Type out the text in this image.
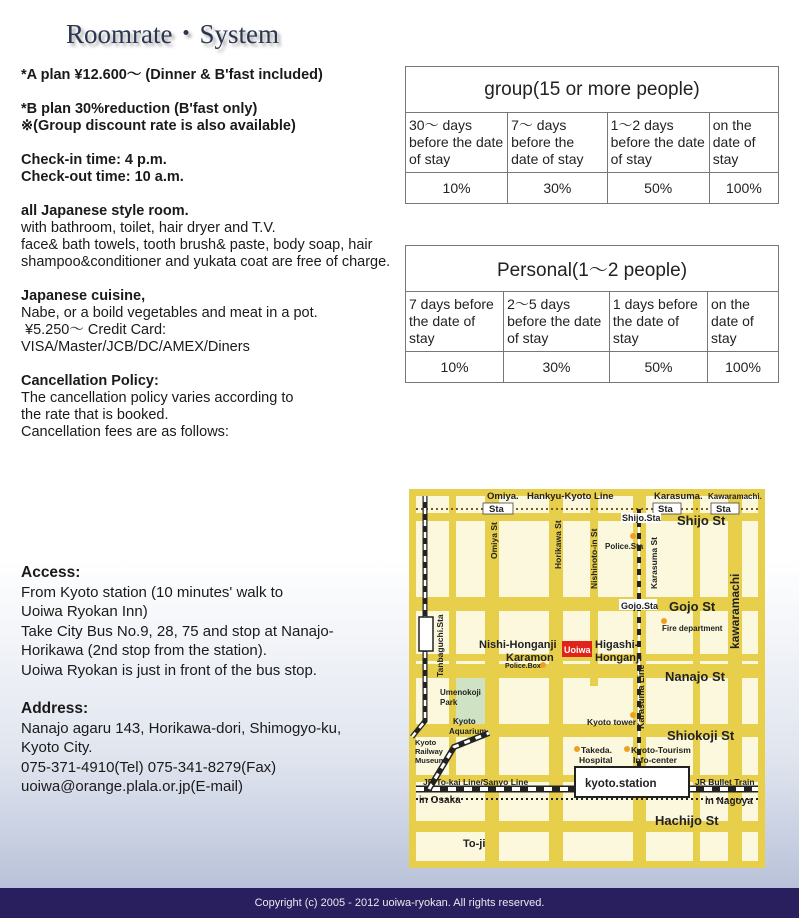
Roomrate・System

*A plan ¥12.600～ (Dinner & B'fast included)

*B plan 30%reduction (B'fast only)
※(Group discount rate is also available)

Check-in time: 4 p.m.
Check-out time: 10 a.m.

all Japanese style room.
with bathroom, toilet, hair dryer and T.V.
face& bath towels, tooth brush& paste, body soap, hair shampoo&conditioner and yukata coat are free of charge.

Japanese cuisine,
Nabe, or a boild vegetables and meat in a pot.
¥5.250～ Credit Card:
VISA/Master/JCB/DC/AMEX/Diners

Cancellation Policy:
The cancellation policy varies according to
the rate that is booked.
Cancellation fees are as follows:

group(15 or more people)			
30～ days before the date of stay	7～ days before the date of stay	1～2 days before the date of stay	on the date of stay
10%	30%	50%	100%
Personal(1～2 people)			
7 days before the date of stay	2～5 days before the date of stay	1 days before the date of stay	on the date of stay
10%	30%	50%	100%

Access:
From Kyoto station (10 minutes' walk to
Uoiwa Ryokan Inn)
Take City Bus No.9, 28, 75 and stop at Nanajo-
Horikawa (2nd stop from the station).
Uoiwa Ryokan is just in front of the bus stop.

Address:
Nanajo agaru 143, Horikawa-dori, Shimogyo-ku,
Kyoto City.
075-371-4910(Tel) 075-341-8279(Fax)
uoiwa@orange.plala.or.jp(E-mail)

Omiya. Hankyu-Kyoto Line	Karasuma. Kawaramachi.
Sta	Sta	Sta
Shijo.Sta Shijo St
Police.Sta
Omiya St	Horikawa St	Nishinoto-in St	Karasuma St
kawaramachi
Gojo.Sta Gojo St
Fire department
Tanbaguchi.Sta	Nishi-Honganji
Karamon
Uoiwa Higashi-
Honganji
Police.Box	Karasuma Line Nanajo St
Umenokoji
Park
Kyoto
Aquarium
Kyoto tower
Shiokoji St
Kyoto
Railway
Museum
Takeda.
Hospital
Kyoto-Tourism
Info-center
JR To-kai Line/Sanyo Line	kyoto.station	JR Bullet Train
in Osaka	in Nagoya
Hachijo St
To-ji
Copyright (c) 2005 - 2012 uoiwa-ryokan. All rights reserved.
